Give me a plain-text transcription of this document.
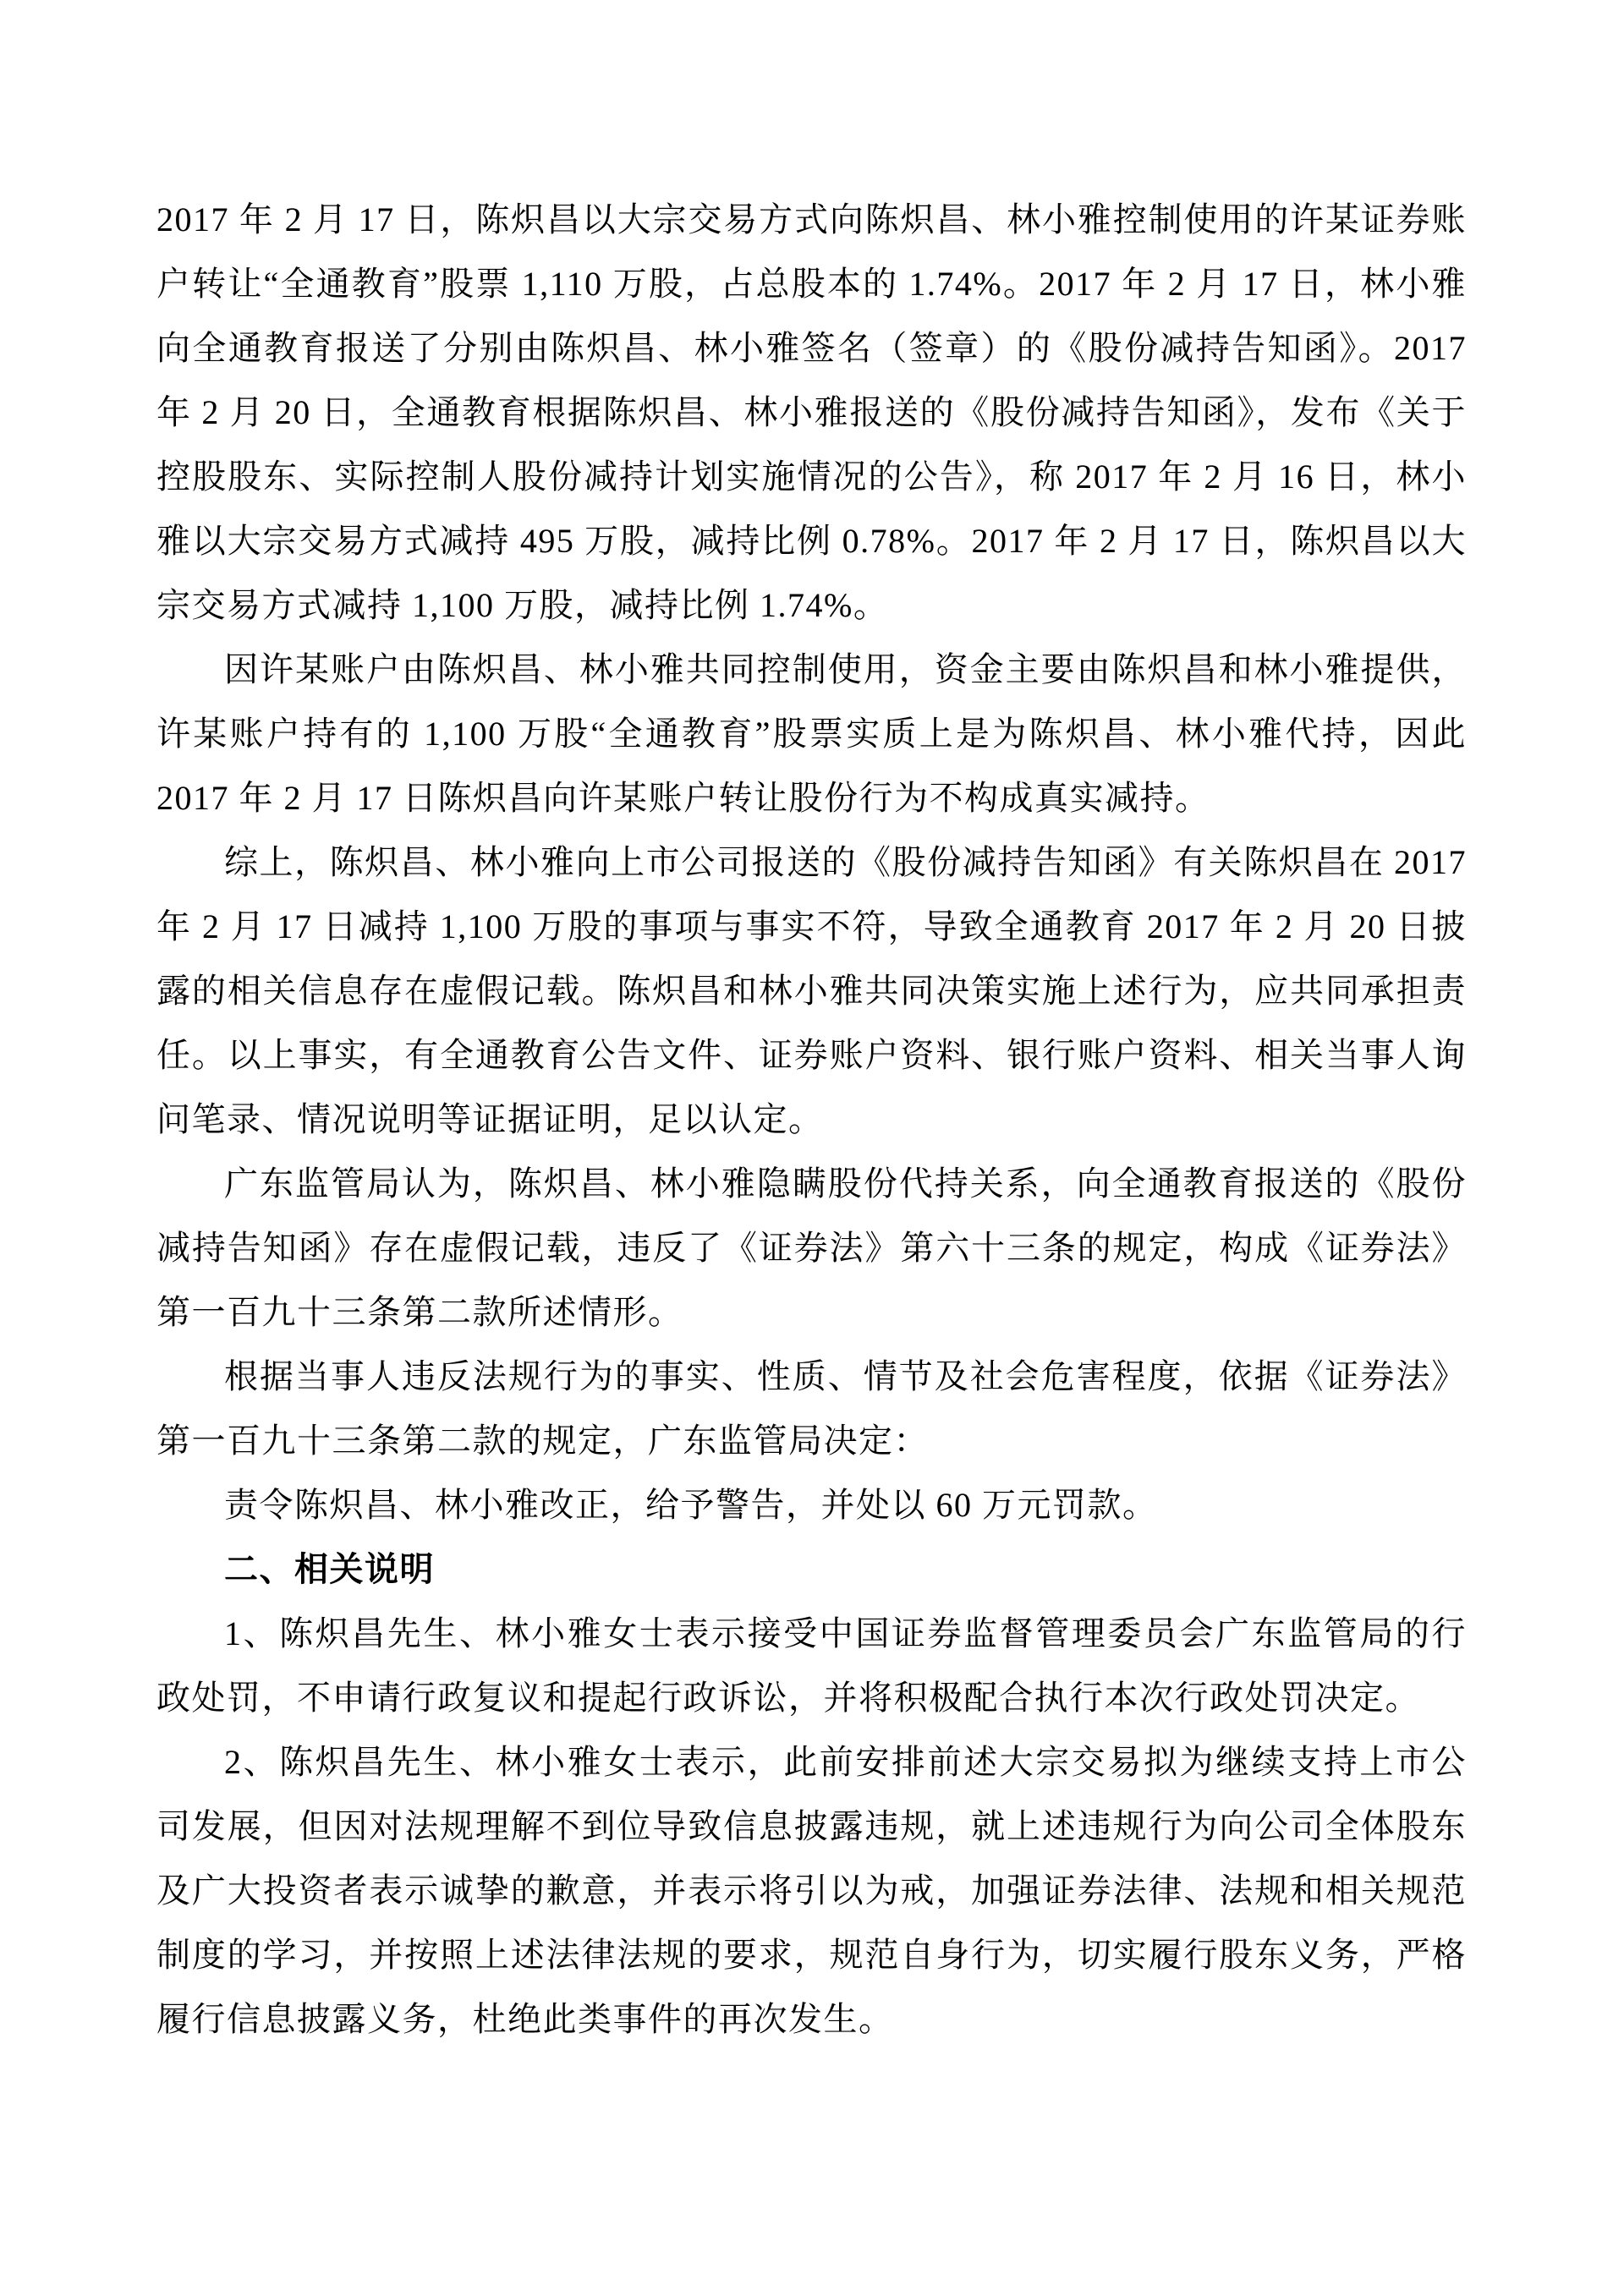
2017 年 2 月 17 日，陈炽昌以大宗交易方式向陈炽昌、林小雅控制使用的许某证券账户转让“全通教育”股票 1,110 万股，占总股本的 1.74%。2017 年 2 月 17 日，林小雅向全通教育报送了分别由陈炽昌、林小雅签名（签章）的《股份减持告知函》。2017 年 2 月 20 日，全通教育根据陈炽昌、林小雅报送的《股份减持告知函》，发布《关于控股股东、实际控制人股份减持计划实施情况的公告》，称 2017 年 2 月 16 日，林小雅以大宗交易方式减持 495 万股，减持比例 0.78%。2017 年 2 月 17 日，陈炽昌以大宗交易方式减持 1,100 万股，减持比例 1.74%。

因许某账户由陈炽昌、林小雅共同控制使用，资金主要由陈炽昌和林小雅提供，许某账户持有的 1,100 万股“全通教育”股票实质上是为陈炽昌、林小雅代持，因此 2017 年 2 月 17 日陈炽昌向许某账户转让股份行为不构成真实减持。

综上，陈炽昌、林小雅向上市公司报送的《股份减持告知函》有关陈炽昌在 2017 年 2 月 17 日减持 1,100 万股的事项与事实不符，导致全通教育 2017 年 2 月 20 日披露的相关信息存在虚假记载。陈炽昌和林小雅共同决策实施上述行为，应共同承担责任。以上事实，有全通教育公告文件、证券账户资料、银行账户资料、相关当事人询问笔录、情况说明等证据证明，足以认定。

广东监管局认为，陈炽昌、林小雅隐瞒股份代持关系，向全通教育报送的《股份减持告知函》存在虚假记载，违反了《证券法》第六十三条的规定，构成《证券法》第一百九十三条第二款所述情形。

根据当事人违反法规行为的事实、性质、情节及社会危害程度，依据《证券法》第一百九十三条第二款的规定，广东监管局决定：

责令陈炽昌、林小雅改正，给予警告，并处以 60 万元罚款。

二、相关说明

1、陈炽昌先生、林小雅女士表示接受中国证券监督管理委员会广东监管局的行政处罚，不申请行政复议和提起行政诉讼，并将积极配合执行本次行政处罚决定。

2、陈炽昌先生、林小雅女士表示，此前安排前述大宗交易拟为继续支持上市公司发展，但因对法规理解不到位导致信息披露违规，就上述违规行为向公司全体股东及广大投资者表示诚挚的歉意，并表示将引以为戒，加强证券法律、法规和相关规范制度的学习，并按照上述法律法规的要求，规范自身行为，切实履行股东义务，严格履行信息披露义务，杜绝此类事件的再次发生。
